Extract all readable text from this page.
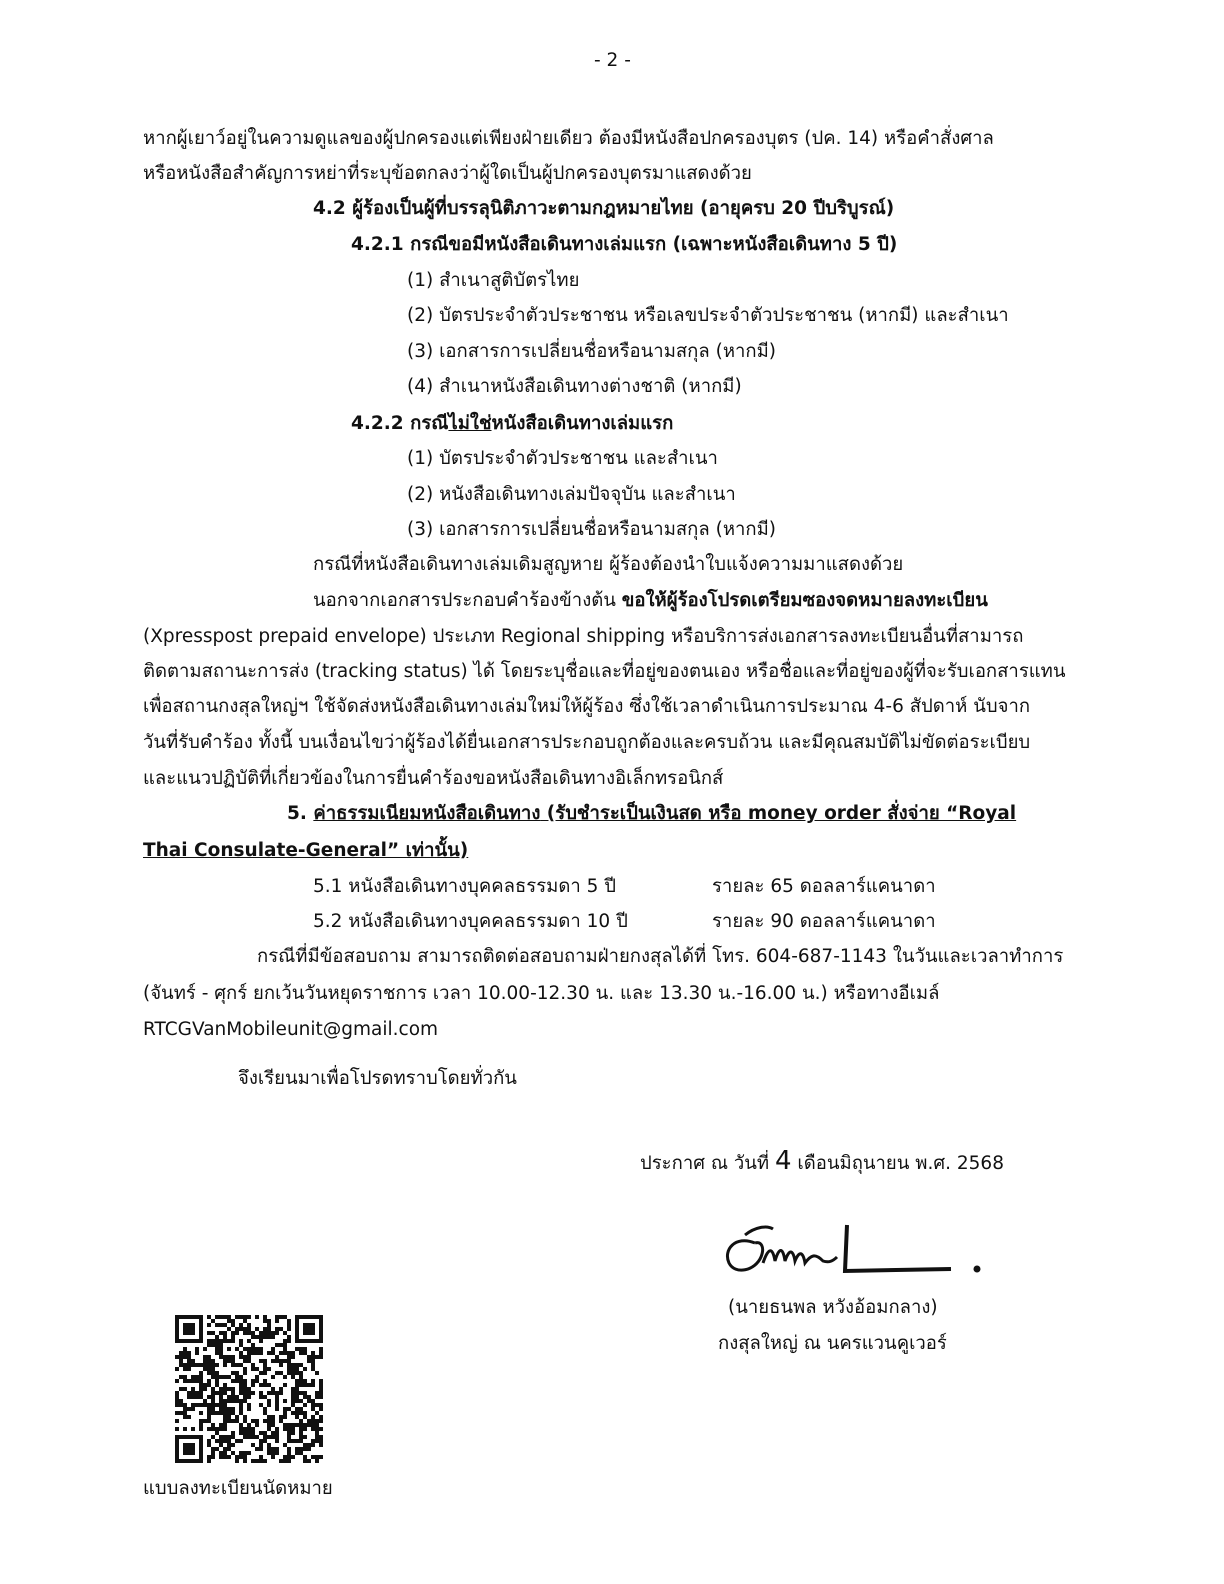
- 2 -
หากผู้เยาว์อยู่ในความดูแลของผู้ปกครองแต่เพียงฝ่ายเดียว ต้องมีหนังสือปกครองบุตร (ปค. 14) หรือคำสั่งศาล
หรือหนังสือสำคัญการหย่าที่ระบุข้อตกลงว่าผู้ใดเป็นผู้ปกครองบุตรมาแสดงด้วย
4.2 ผู้ร้องเป็นผู้ที่บรรลุนิติภาวะตามกฎหมายไทย (อายุครบ 20 ปีบริบูรณ์)
4.2.1 กรณีขอมีหนังสือเดินทางเล่มแรก (เฉพาะหนังสือเดินทาง 5 ปี)
(1) สำเนาสูติบัตรไทย
(2) บัตรประจำตัวประชาชน หรือเลขประจำตัวประชาชน (หากมี) และสำเนา
(3) เอกสารการเปลี่ยนชื่อหรือนามสกุล (หากมี)
(4) สำเนาหนังสือเดินทางต่างชาติ (หากมี)
4.2.2 กรณีไม่ใช่หนังสือเดินทางเล่มแรก
(1) บัตรประจำตัวประชาชน และสำเนา
(2) หนังสือเดินทางเล่มปัจจุบัน และสำเนา
(3) เอกสารการเปลี่ยนชื่อหรือนามสกุล (หากมี)
กรณีที่หนังสือเดินทางเล่มเดิมสูญหาย ผู้ร้องต้องนำใบแจ้งความมาแสดงด้วย
นอกจากเอกสารประกอบคำร้องข้างต้น ขอให้ผู้ร้องโปรดเตรียมซองจดหมายลงทะเบียน
(Xpresspost prepaid envelope) ประเภท Regional shipping หรือบริการส่งเอกสารลงทะเบียนอื่นที่สามารถ
ติดตามสถานะการส่ง (tracking status) ได้ โดยระบุชื่อและที่อยู่ของตนเอง หรือชื่อและที่อยู่ของผู้ที่จะรับเอกสารแทน
เพื่อสถานกงสุลใหญ่ฯ ใช้จัดส่งหนังสือเดินทางเล่มใหม่ให้ผู้ร้อง ซึ่งใช้เวลาดำเนินการประมาณ 4-6 สัปดาห์ นับจาก
วันที่รับคำร้อง ทั้งนี้ บนเงื่อนไขว่าผู้ร้องได้ยื่นเอกสารประกอบถูกต้องและครบถ้วน และมีคุณสมบัติไม่ขัดต่อระเบียบ
และแนวปฏิบัติที่เกี่ยวข้องในการยื่นคำร้องขอหนังสือเดินทางอิเล็กทรอนิกส์
5. ค่าธรรมเนียมหนังสือเดินทาง (รับชำระเป็นเงินสด หรือ money order สั่งจ่าย “Royal
Thai Consulate-General” เท่านั้น)
5.1 หนังสือเดินทางบุคคลธรรมดา 5 ปี	รายละ 65 ดอลลาร์แคนาดา
5.2 หนังสือเดินทางบุคคลธรรมดา 10 ปี	รายละ 90 ดอลลาร์แคนาดา
กรณีที่มีข้อสอบถาม สามารถติดต่อสอบถามฝ่ายกงสุลได้ที่ โทร. 604-687-1143 ในวันและเวลาทำการ
(จันทร์ - ศุกร์ ยกเว้นวันหยุดราชการ เวลา 10.00-12.30 น. และ 13.30 น.-16.00 น.) หรือทางอีเมล์
RTCGVanMobileunit@gmail.com
จึงเรียนมาเพื่อโปรดทราบโดยทั่วกัน
ประกาศ ณ วันที่ 4 เดือนมิถุนายน พ.ศ. 2568
(นายธนพล หวังอ้อมกลาง)
กงสุลใหญ่ ณ นครแวนคูเวอร์
แบบลงทะเบียนนัดหมาย
